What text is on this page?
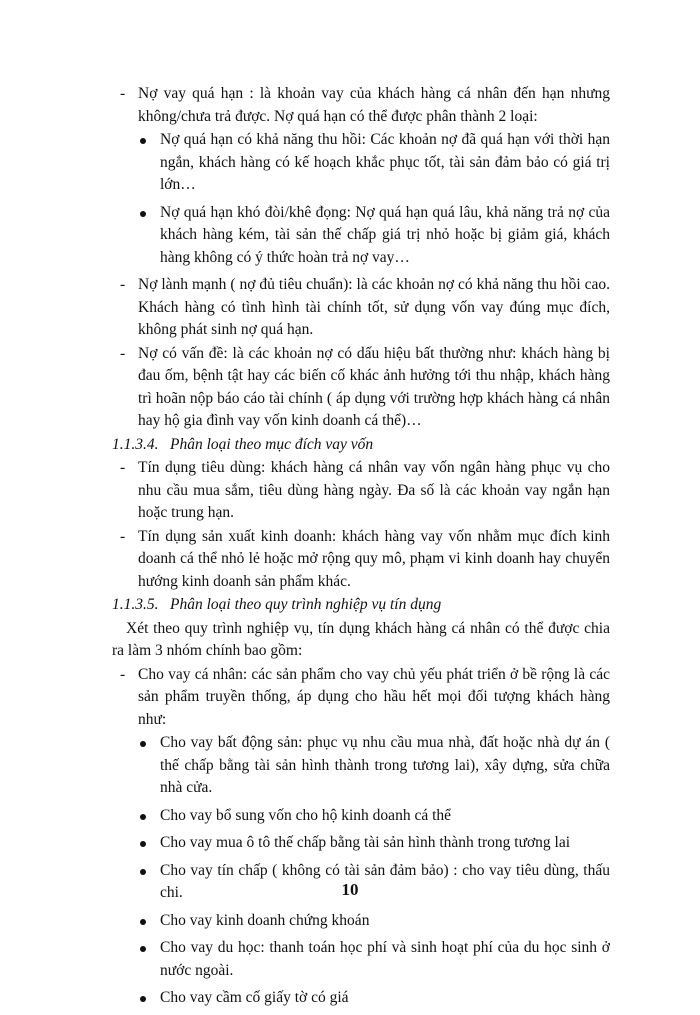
- Nợ vay quá hạn : là khoản vay của khách hàng cá nhân đến hạn nhưng không/chưa trả được. Nợ quá hạn có thể được phân thành 2 loại:
Nợ quá hạn có khả năng thu hồi: Các khoản nợ đã quá hạn với thời hạn ngắn, khách hàng có kế hoạch khắc phục tốt, tài sản đảm bảo có giá trị lớn…
Nợ quá hạn khó đòi/khê đọng: Nợ quá hạn quá lâu, khả năng trả nợ của khách hàng kém, tài sản thế chấp giá trị nhỏ hoặc bị giảm giá, khách hàng không có ý thức hoàn trả nợ vay…
- Nợ lành mạnh ( nợ đủ tiêu chuẩn): là các khoản nợ có khả năng thu hồi cao. Khách hàng có tình hình tài chính tốt, sử dụng vốn vay đúng mục đích, không phát sinh nợ quá hạn.
- Nợ có vấn đề: là các khoản nợ có dấu hiệu bất thường như: khách hàng bị đau ốm, bệnh tật hay các biến cố khác ảnh hưởng tới thu nhập, khách hàng trì hoãn nộp báo cáo tài chính ( áp dụng với trường hợp khách hàng cá nhân hay hộ gia đình vay vốn kinh doanh cá thể)…
1.1.3.4. Phân loại theo mục đích vay vốn
- Tín dụng tiêu dùng: khách hàng cá nhân vay vốn ngân hàng phục vụ cho nhu cầu mua sắm, tiêu dùng hàng ngày. Đa số là các khoản vay ngắn hạn hoặc trung hạn.
- Tín dụng sản xuất kinh doanh: khách hàng vay vốn nhằm mục đích kinh doanh cá thể nhỏ lẻ hoặc mở rộng quy mô, phạm vi kinh doanh hay chuyển hướng kinh doanh sản phẩm khác.
1.1.3.5. Phân loại theo quy trình nghiệp vụ tín dụng
Xét theo quy trình nghiệp vụ, tín dụng khách hàng cá nhân có thể được chia ra làm 3 nhóm chính bao gồm:
- Cho vay cá nhân: các sản phẩm cho vay chủ yếu phát triển ở bề rộng là các sản phẩm truyền thống, áp dụng cho hầu hết mọi đối tượng khách hàng như:
Cho vay bất động sản: phục vụ nhu cầu mua nhà, đất hoặc nhà dự án ( thế chấp bằng tài sản hình thành trong tương lai), xây dựng, sửa chữa nhà cửa.
Cho vay bổ sung vốn cho hộ kinh doanh cá thể
Cho vay mua ô tô thế chấp bằng tài sản hình thành trong tương lai
Cho vay tín chấp ( không có tài sản đảm bảo) : cho vay tiêu dùng, thấu chi.
Cho vay kinh doanh chứng khoán
Cho vay du học: thanh toán học phí và sinh hoạt phí của du học sinh ở nước ngoài.
Cho vay cầm cố giấy tờ có giá
10
